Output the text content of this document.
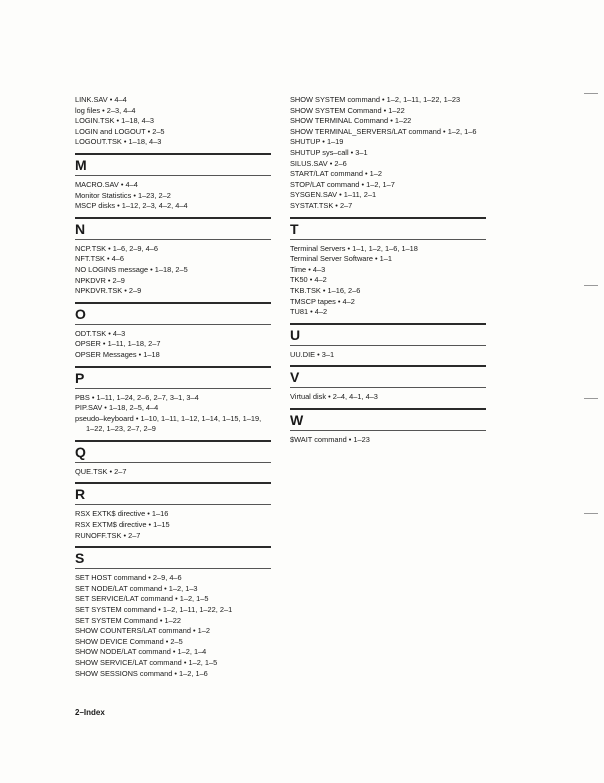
LINK.SAV • 4–4
log files • 2–3, 4–4
LOGIN.TSK • 1–18, 4–3
LOGIN and LOGOUT • 2–5
LOGOUT.TSK • 1–18, 4–3
M
MACRO.SAV • 4–4
Monitor Statistics • 1–23, 2–2
MSCP disks • 1–12, 2–3, 4–2, 4–4
N
NCP.TSK • 1–6, 2–9, 4–6
NFT.TSK • 4–6
NO LOGINS message • 1–18, 2–5
NPKDVR • 2–9
NPKDVR.TSK • 2–9
O
ODT.TSK • 4–3
OPSER • 1–11, 1–18, 2–7
OPSER Messages • 1–18
P
PBS • 1–11, 1–24, 2–6, 2–7, 3–1, 3–4
PIP.SAV • 1–18, 2–5, 4–4
pseudo–keyboard • 1–10, 1–11, 1–12, 1–14, 1–15, 1–19, 1–22, 1–23, 2–7, 2–9
Q
QUE.TSK • 2–7
R
RSX EXTK$ directive • 1–16
RSX EXTM$ directive • 1–15
RUNOFF.TSK • 2–7
S
SET HOST command • 2–9, 4–6
SET NODE/LAT command • 1–2, 1–3
SET SERVICE/LAT command • 1–2, 1–5
SET SYSTEM command • 1–2, 1–11, 1–22, 2–1
SET SYSTEM Command • 1–22
SHOW COUNTERS/LAT command • 1–2
SHOW DEVICE Command • 2–5
SHOW NODE/LAT command • 1–2, 1–4
SHOW SERVICE/LAT command • 1–2, 1–5
SHOW SESSIONS command • 1–2, 1–6
SHOW SYSTEM command • 1–2, 1–11, 1–22, 1–23
SHOW SYSTEM Command • 1–22
SHOW TERMINAL Command • 1–22
SHOW TERMINAL_SERVERS/LAT command • 1–2, 1–6
SHUTUP • 1–19
SHUTUP sys–call • 3–1
SILUS.SAV • 2–6
START/LAT command • 1–2
STOP/LAT command • 1–2, 1–7
SYSGEN.SAV • 1–11, 2–1
SYSTAT.TSK • 2–7
T
Terminal Servers • 1–1, 1–2, 1–6, 1–18
Terminal Server Software • 1–1
Time • 4–3
TK50 • 4–2
TKB.TSK • 1–16, 2–6
TMSCP tapes • 4–2
TU81 • 4–2
U
UU.DIE • 3–1
V
Virtual disk • 2–4, 4–1, 4–3
W
$WAIT command • 1–23
2–Index
